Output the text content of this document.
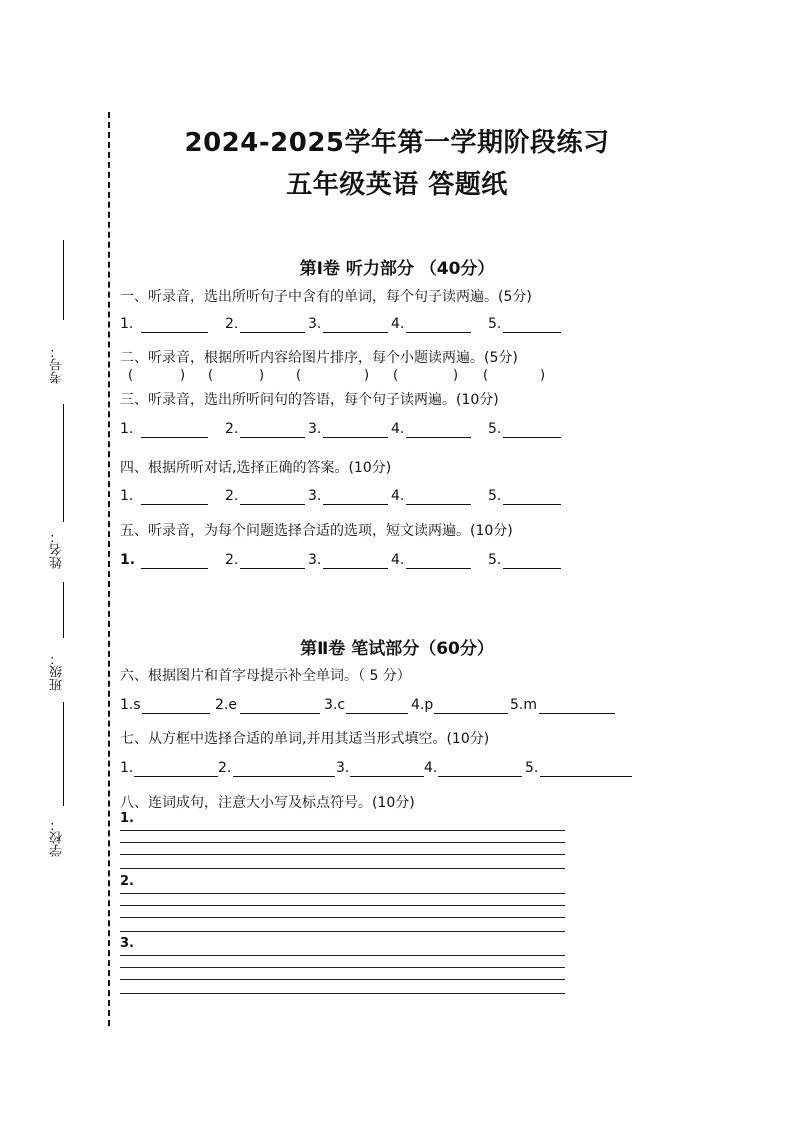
考号：
姓名：
班级：
学校：
2024-2025学年第一学期阶段练习
五年级英语 答题纸
第Ⅰ卷 听力部分 （40分）
一、听录音，选出所听句子中含有的单词，每个句子读两遍。(5分)
1.	2.	3.	4.	5.
二、听录音，根据所听内容给图片排序，每个小题读两遍。(5分)
(	) (	) (	) (	) (	)
三、听录音，选出所听问句的答语，每个句子读两遍。(10分)
1.	2.	3.	4.	5.
四、根据所听对话,选择正确的答案。(10分)
1.	2.	3.	4.	5.
五、听录音，为每个问题选择合适的选项，短文读两遍。(10分)
1.	2.	3.	4.	5.
第Ⅱ卷 笔试部分（60分）
六、根据图片和首字母提示补全单词。（ 5 分）
1.s	2.e	3.c	4.p	5.m
七、从方框中选择合适的单词,并用其适当形式填空。(10分)
1.	2.	3.	4.	5.
八、连词成句，注意大小写及标点符号。(10分)
1.
2.
3.
